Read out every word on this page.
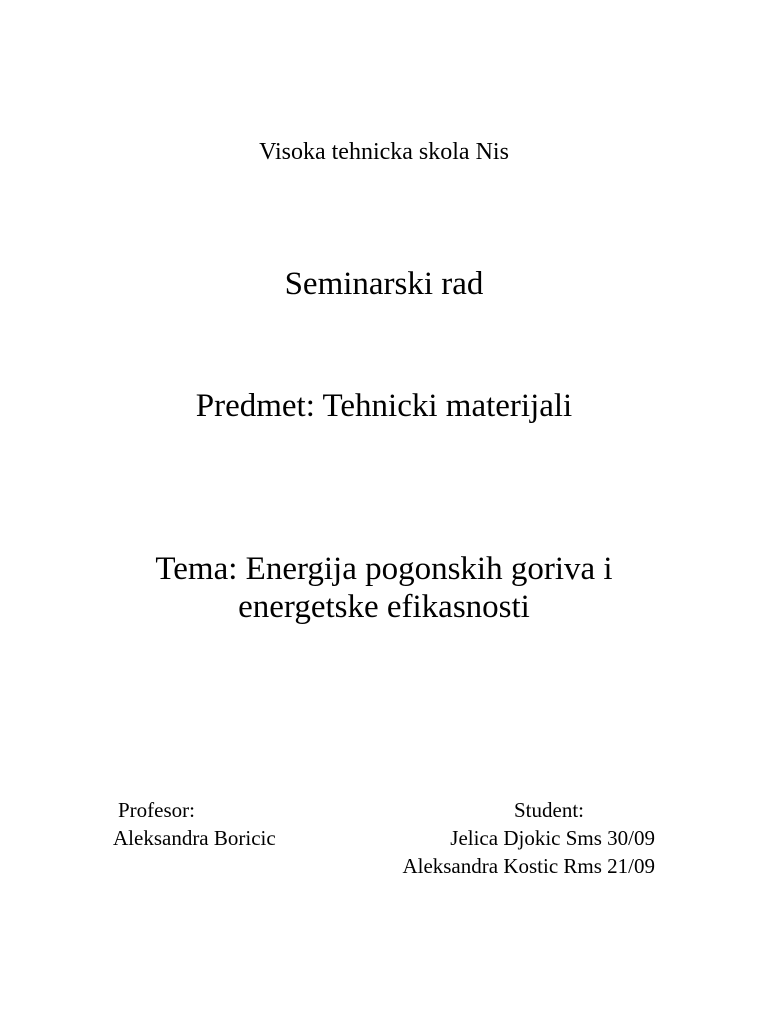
Visoka tehnicka skola Nis
Seminarski rad
Predmet: Tehnicki materijali
Tema: Energija pogonskih goriva i
energetske efikasnosti
Profesor:
Aleksandra Boricic
Student:
Jelica Djokic Sms 30/09
Aleksandra Kostic Rms 21/09
